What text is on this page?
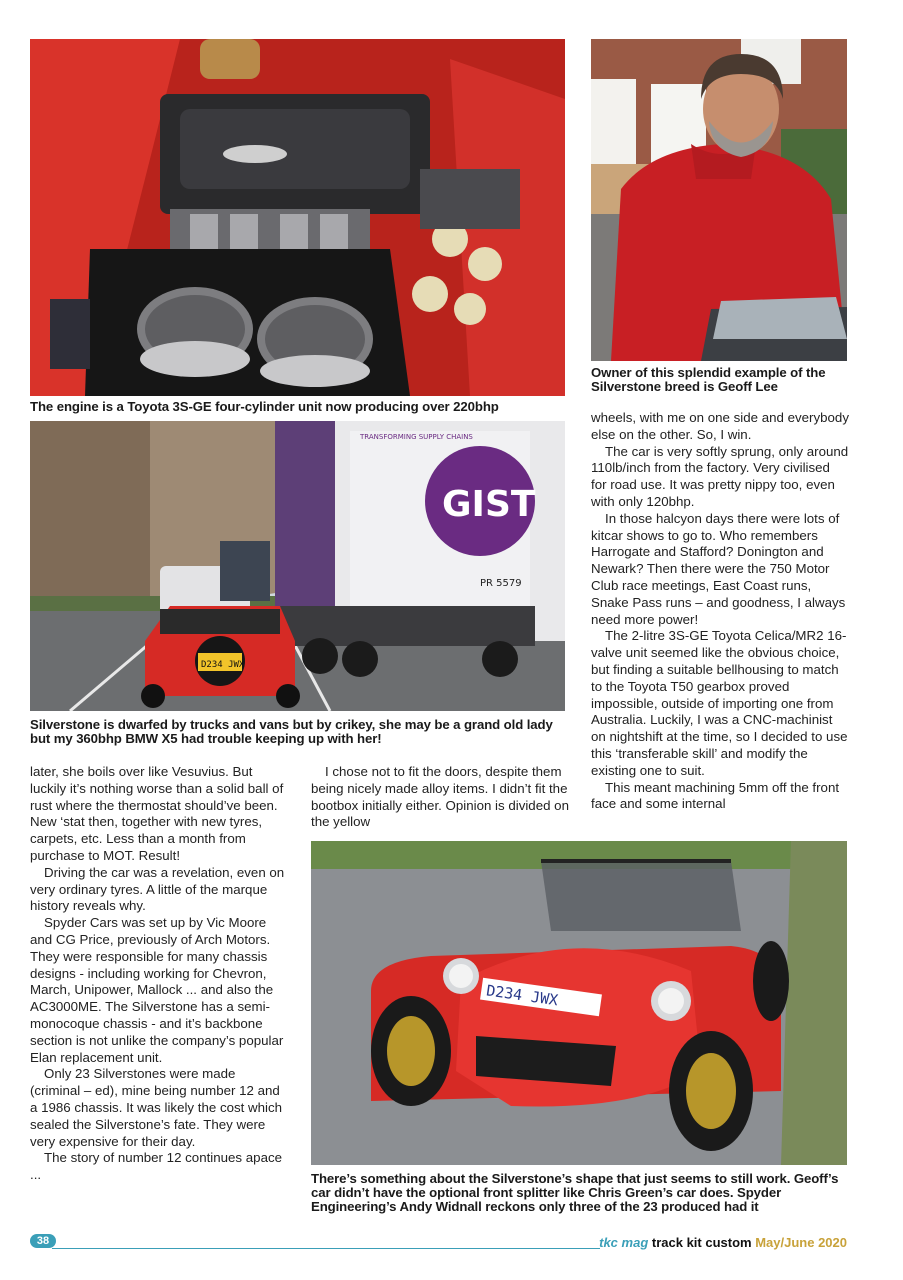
The engine is a Toyota 3S-GE four-cylinder unit now producing over 220bhp
Owner of this splendid example of the Silverstone breed is Geoff Lee
GIST
TRANSFORMING SUPPLY CHAINS
PR 5579
D234 JWX
Silverstone is dwarfed by trucks and vans but by crikey, she may be a grand old lady but my 360bhp BMW X5 had trouble keeping up with her!

later, she boils over like Vesuvius. But luckily it’s nothing worse than a solid ball of rust where the thermostat should’ve been. New ‘stat then, together with new tyres, carpets, etc. Less than a month from purchase to MOT. Result!

Driving the car was a revelation, even on very ordinary tyres. A little of the marque history reveals why.

Spyder Cars was set up by Vic Moore and CG Price, previously of Arch Motors. They were responsible for many chassis designs - including working for Chevron, March, Unipower, Mallock ... and also the AC3000ME. The Silverstone has a semi-monocoque chassis - and it’s backbone section is not unlike the company’s popular Elan replacement unit.

Only 23 Silverstones were made (criminal – ed), mine being number 12 and a 1986 chassis. It was likely the cost which sealed the Silverstone’s fate. They were very expensive for their day.

The story of number 12 continues apace ...

I chose not to fit the doors, despite them being nicely made alloy items. I didn’t fit the bootbox initially either. Opinion is divided on the yellow

wheels, with me on one side and everybody else on the other. So, I win.

The car is very softly sprung, only around 110lb/inch from the factory. Very civilised for road use. It was pretty nippy too, even with only 120bhp.

In those halcyon days there were lots of kitcar shows to go to. Who remembers Harrogate and Stafford? Donington and Newark? Then there were the 750 Motor Club race meetings, East Coast runs, Snake Pass runs – and goodness, I always need more power!

The 2-litre 3S-GE Toyota Celica/MR2 16-valve unit seemed like the obvious choice, but finding a suitable bellhousing to match to the Toyota T50 gearbox proved impossible, outside of importing one from Australia. Luckily, I was a CNC-machinist on nightshift at the time, so I decided to use this ‘transferable skill’ and modify the existing one to suit.

This meant machining 5mm off the front face and some internal

D234 JWX
There’s something about the Silverstone’s shape that just seems to still work. Geoff’s car didn’t have the optional front splitter like Chris Green’s car does. Spyder Engineering’s Andy Widnall reckons only three of the 23 produced had it
38	tkc mag track kit custom May/June 2020
